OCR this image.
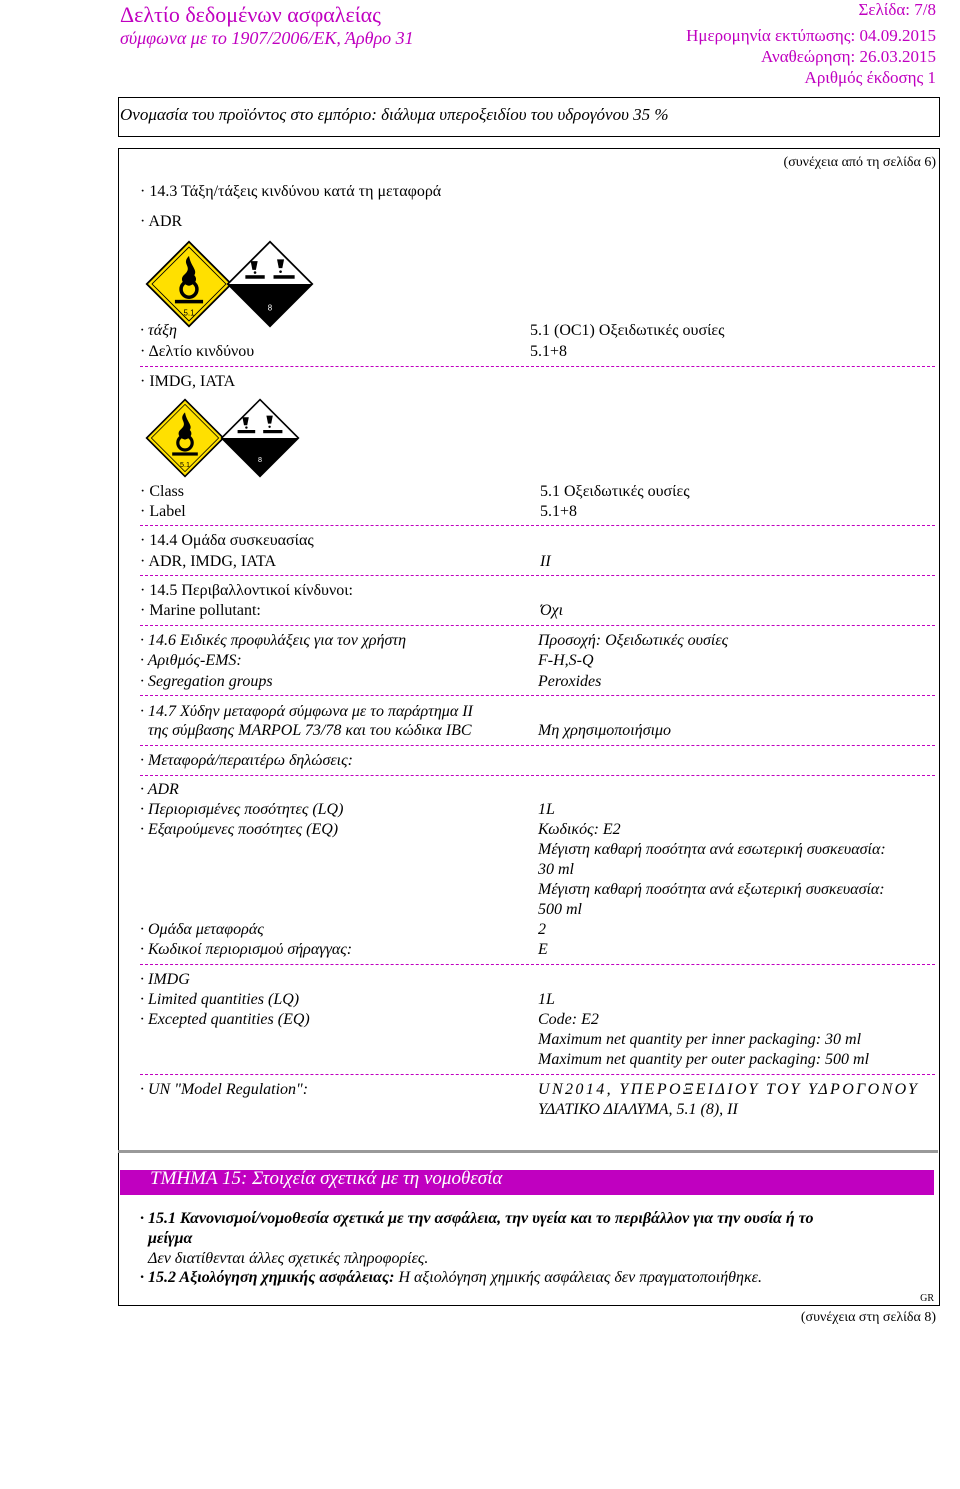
Δελτίο δεδομένων ασφαλείας
σύμφωνα με το 1907/2006/ΕΚ, Άρθρο 31
Σελίδα: 7/8
Ημερομηνία εκτύπωσης: 04.09.2015
Αναθεώρηση: 26.03.2015
Αριθμός έκδοσης 1
Ονομασία του προϊόντος στο εμπόριο: διάλυμα υπεροξειδίου του υδρογόνου 35 %
(συνέχεια από τη σελίδα 6)
· 14.3 Τάξη/τάξεις κινδύνου κατά τη μεταφορά
· ADR
5.1
8
· τάξη	5.1 (OC1) Οξειδωτικές ουσίες
· Δελτίο κινδύνου	5.1+8
· IMDG, IATA
5.1
8
· Class	5.1 Οξειδωτικές ουσίες
· Label	5.1+8
· 14.4 Ομάδα συσκευασίας
· ADR, IMDG, IATA	II
· 14.5 Περιβαλλοντικοί κίνδυνοι:
· Marine pollutant:	Όχι
· 14.6 Ειδικές προφυλάξεις για τον χρήστη	Προσοχή: Οξειδωτικές ουσίες
· Αριθμός-EMS:	F-H,S-Q
· Segregation groups	Peroxides
· 14.7 Χύδην μεταφορά σύμφωνα με το παράρτημα II
της σύμβασης MARPOL 73/78 και του κώδικα IBC	Μη χρησιμοποιήσιμο
· Μεταφορά/περαιτέρω δηλώσεις:
· ADR
· Περιορισμένες ποσότητες (LQ)	1L
· Εξαιρούμενες ποσότητες (EQ)	Κωδικός: E2
Μέγιστη καθαρή ποσότητα ανά εσωτερική συσκευασία:
30 ml
Μέγιστη καθαρή ποσότητα ανά εξωτερική συσκευασία:
500 ml
· Ομάδα μεταφοράς	2
· Κωδικοί περιορισμού σήραγγας:	E
· IMDG
· Limited quantities (LQ)	1L
· Excepted quantities (EQ)	Code: E2
Maximum net quantity per inner packaging: 30 ml
Maximum net quantity per outer packaging: 500 ml
· UN "Model Regulation":	UN2014, ΥΠΕΡΟΞΕΙΔΙΟΥ ΤΟΥ ΥΔΡΟΓΟΝΟΥ
ΥΔΑΤΙΚΟ ΔΙΑΛΥΜΑ, 5.1 (8), II
ΤΜΗΜΑ 15: Στοιχεία σχετικά με τη νομοθεσία
· 15.1 Κανονισμοί/νομοθεσία σχετικά με την ασφάλεια, την υγεία και το περιβάλλον για την ουσία ή το
μείγμα
Δεν διατίθενται άλλες σχετικές πληροφορίες.
· 15.2 Αξιολόγηση χημικής ασφάλειας: Η αξιολόγηση χημικής ασφάλειας δεν πραγματοποιήθηκε.
GR
(συνέχεια στη σελίδα 8)
